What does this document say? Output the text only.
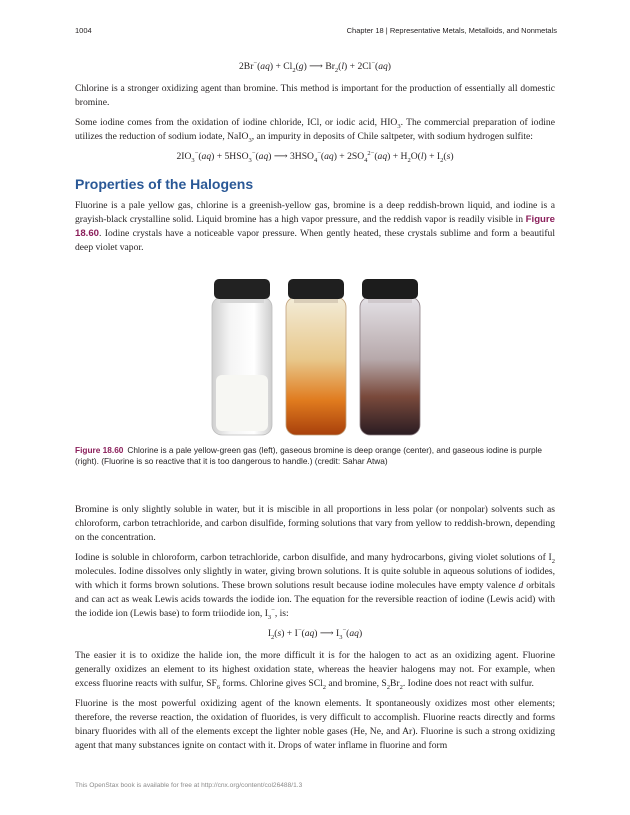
1004	Chapter 18 | Representative Metals, Metalloids, and Nonmetals
$2Br^-(aq) + Cl_2(g)$ ⟶ $Br_2(l) + 2Cl^-(aq)$

Chlorine is a stronger oxidizing agent than bromine. This method is important for the production of essentially all domestic bromine.

Some iodine comes from the oxidation of iodine chloride, ICl, or iodic acid, $HIO_3$. The commercial preparation of iodine utilizes the reduction of sodium iodate, NaIO$_3$, an impurity in deposits of Chile saltpeter, with sodium hydrogen sulfite:

$2IO_3^-(aq) + 5HSO_3^-(aq)$ ⟶ $3HSO_4^-(aq) + 2SO_4^{2-}(aq) + H_2O(l) + I_2(s)$
Properties of the Halogens

Fluorine is a pale yellow gas, chlorine is a greenish-yellow gas, bromine is a deep reddish-brown liquid, and iodine is a grayish-black crystalline solid. Liquid bromine has a high vapor pressure, and the reddish vapor is readily visible in Figure 18.60. Iodine crystals have a noticeable vapor pressure. When gently heated, these crystals sublime and form a beautiful deep violet vapor.

Figure 18.60 Chlorine is a pale yellow-green gas (left), gaseous bromine is deep orange (center), and gaseous iodine is purple (right). (Fluorine is so reactive that it is too dangerous to handle.) (credit: Sahar Atwa)

Bromine is only slightly soluble in water, but it is miscible in all proportions in less polar (or nonpolar) solvents such as chloroform, carbon tetrachloride, and carbon disulfide, forming solutions that vary from yellow to reddish-brown, depending on the concentration.

Iodine is soluble in chloroform, carbon tetrachloride, carbon disulfide, and many hydrocarbons, giving violet solutions of $I_2$ molecules. Iodine dissolves only slightly in water, giving brown solutions. It is quite soluble in aqueous solutions of iodides, with which it forms brown solutions. These brown solutions result because iodine molecules have empty valence d orbitals and can act as weak Lewis acids towards the iodide ion. The equation for the reversible reaction of iodine (Lewis acid) with the iodide ion (Lewis base) to form triiodide ion, $I_3^-$, is:

$I_2(s) + I^-(aq)$ ⟶ $I_3^-(aq)$

The easier it is to oxidize the halide ion, the more difficult it is for the halogen to act as an oxidizing agent. Fluorine generally oxidizes an element to its highest oxidation state, whereas the heavier halogens may not. For example, when excess fluorine reacts with sulfur, $SF_6$ forms. Chlorine gives SCl$_2$ and bromine, $S_2Br_2$. Iodine does not react with sulfur.

Fluorine is the most powerful oxidizing agent of the known elements. It spontaneously oxidizes most other elements; therefore, the reverse reaction, the oxidation of fluorides, is very difficult to accomplish. Fluorine reacts directly and forms binary fluorides with all of the elements except the lighter noble gases (He, Ne, and Ar). Fluorine is such a strong oxidizing agent that many substances ignite on contact with it. Drops of water inflame in fluorine and form

This OpenStax book is available for free at http://cnx.org/content/col26488/1.3
